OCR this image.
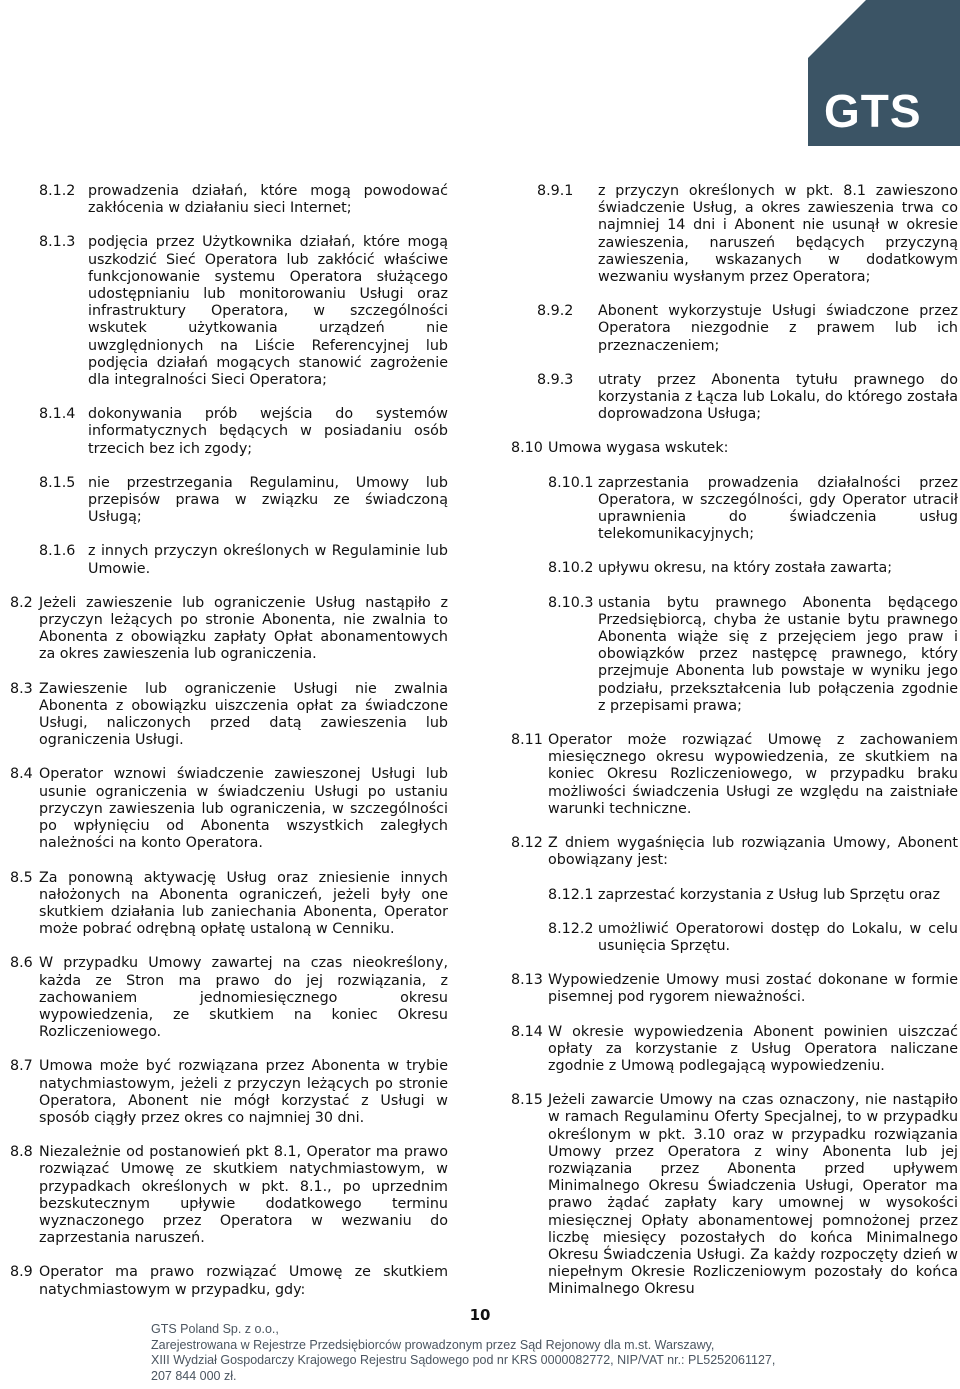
GTS
8.1.2 prowadzenia działań, które mogą powodować zakłócenia w działaniu sieci Internet;
8.1.3 podjęcia przez Użytkownika działań, które mogą uszkodzić Sieć Operatora lub zakłócić właściwe funkcjonowanie systemu Operatora służącego udostępnianiu lub monitorowaniu Usługi oraz infrastruktury Operatora, w szczególności wskutek użytkowania urządzeń nie uwzględnionych na Liście Referencyjnej lub podjęcia działań mogących stanowić zagrożenie dla integralności Sieci Operatora;
8.1.4 dokonywania prób wejścia do systemów informatycznych będących w posiadaniu osób trzecich bez ich zgody;
8.1.5 nie przestrzegania Regulaminu, Umowy lub przepisów prawa w związku ze świadczoną Usługą;
8.1.6 z innych przyczyn określonych w Regulaminie lub Umowie.
8.2 Jeżeli zawieszenie lub ograniczenie Usług nastąpiło z przyczyn leżących po stronie Abonenta, nie zwalnia to Abonenta z obowiązku zapłaty Opłat abonamentowych za okres zawieszenia lub ograniczenia.
8.3 Zawieszenie lub ograniczenie Usługi nie zwalnia Abonenta z obowiązku uiszczenia opłat za świadczone Usługi, naliczonych przed datą zawieszenia lub ograniczenia Usługi.
8.4 Operator wznowi świadczenie zawieszonej Usługi lub usunie ograniczenia w świadczeniu Usługi po ustaniu przyczyn zawieszenia lub ograniczenia, w szczególności po wpłynięciu od Abonenta wszystkich zaległych należności na konto Operatora.
8.5 Za ponowną aktywację Usług oraz zniesienie innych nałożonych na Abonenta ograniczeń, jeżeli były one skutkiem działania lub zaniechania Abonenta, Operator może pobrać odrębną opłatę ustaloną w Cenniku.
8.6 W przypadku Umowy zawartej na czas nieokreślony, każda ze Stron ma prawo do jej rozwiązania, z zachowaniem jednomiesięcznego okresu wypowiedzenia, ze skutkiem na koniec Okresu Rozliczeniowego.
8.7 Umowa może być rozwiązana przez Abonenta w trybie natychmiastowym, jeżeli z przyczyn leżących po stronie Operatora, Abonent nie mógł korzystać z Usługi w sposób ciągły przez okres co najmniej 30 dni.
8.8 Niezależnie od postanowień pkt 8.1, Operator ma prawo rozwiązać Umowę ze skutkiem natychmiastowym, w przypadkach określonych w pkt. 8.1., po uprzednim bezskutecznym upływie dodatkowego terminu wyznaczonego przez Operatora w wezwaniu do zaprzestania naruszeń.
8.9 Operator ma prawo rozwiązać Umowę ze skutkiem natychmiastowym w przypadku, gdy:
8.9.1 z przyczyn określonych w pkt. 8.1 zawieszono świadczenie Usług, a okres zawieszenia trwa co najmniej 14 dni i Abonent nie usunął w okresie zawieszenia, naruszeń będących przyczyną zawieszenia, wskazanych w dodatkowym wezwaniu wysłanym przez Operatora;
8.9.2 Abonent wykorzystuje Usługi świadczone przez Operatora niezgodnie z prawem lub ich przeznaczeniem;
8.9.3 utraty przez Abonenta tytułu prawnego do korzystania z Łącza lub Lokalu, do którego została doprowadzona Usługa;
8.10 Umowa wygasa wskutek:
8.10.1 zaprzestania prowadzenia działalności przez Operatora, w szczególności, gdy Operator utracił uprawnienia do świadczenia usług telekomunikacyjnych;
8.10.2 upływu okresu, na który została zawarta;
8.10.3 ustania bytu prawnego Abonenta będącego Przedsiębiorcą, chyba że ustanie bytu prawnego Abonenta wiąże się z przejęciem jego praw i obowiązków przez następcę prawnego, który przejmuje Abonenta lub powstaje w wyniku jego podziału, przekształcenia lub połączenia zgodnie z przepisami prawa;
8.11 Operator może rozwiązać Umowę z zachowaniem miesięcznego okresu wypowiedzenia, ze skutkiem na koniec Okresu Rozliczeniowego, w przypadku braku możliwości świadczenia Usługi ze względu na zaistniałe warunki techniczne.
8.12 Z dniem wygaśnięcia lub rozwiązania Umowy, Abonent obowiązany jest:
8.12.1 zaprzestać korzystania z Usług lub Sprzętu oraz
8.12.2 umożliwić Operatorowi dostęp do Lokalu, w celu usunięcia Sprzętu.
8.13 Wypowiedzenie Umowy musi zostać dokonane w formie pisemnej pod rygorem nieważności.
8.14 W okresie wypowiedzenia Abonent powinien uiszczać opłaty za korzystanie z Usług Operatora naliczane zgodnie z Umową podlegającą wypowiedzeniu.
8.15 Jeżeli zawarcie Umowy na czas oznaczony, nie nastąpiło w ramach Regulaminu Oferty Specjalnej, to w przypadku określonym w pkt. 3.10 oraz w przypadku rozwiązania Umowy przez Operatora z winy Abonenta lub jej rozwiązania przez Abonenta przed upływem Minimalnego Okresu Świadczenia Usługi, Operator ma prawo żądać zapłaty kary umownej w wysokości miesięcznej Opłaty abonamentowej pomnożonej przez liczbę miesięcy pozostałych do końca Minimalnego Okresu Świadczenia Usługi. Za każdy rozpoczęty dzień w niepełnym Okresie Rozliczeniowym pozostały do końca Minimalnego Okresu
10
GTS Poland Sp. z o.o.,
Zarejestrowana w Rejestrze Przedsiębiorców prowadzonym przez Sąd Rejonowy dla m.st. Warszawy,
XIII Wydział Gospodarczy Krajowego Rejestru Sądowego pod nr KRS 0000082772, NIP/VAT nr.: PL5252061127,
207 844 000 zł.
